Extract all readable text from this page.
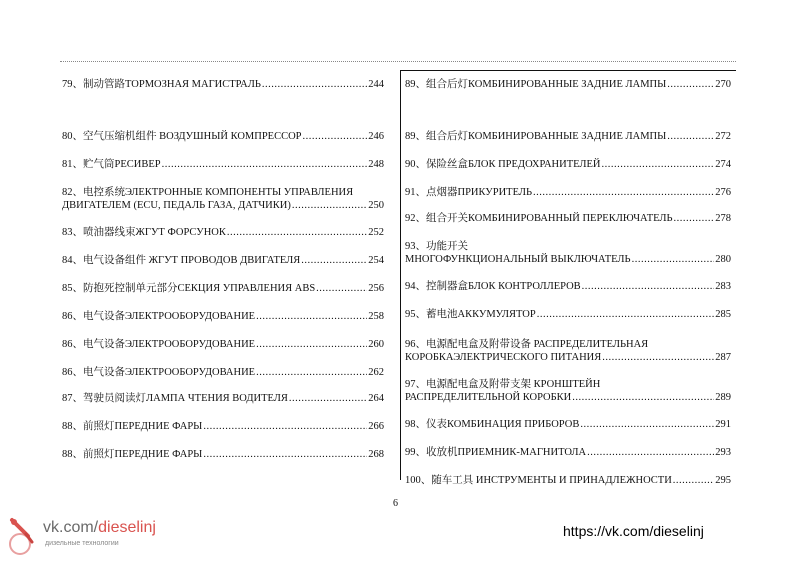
79、制动管路ТОРМОЗНАЯ МАГИСТРАЛЬ .....	244
80、空气压缩机组件 ВОЗДУШНЫЙ КОМПРЕССОР .....	246
81、贮气筒РЕСИВЕР .....	248
82、电控系统ЭЛЕКТРОННЫЕ КОМПОНЕНТЫ УПРАВЛЕНИЯ
ДВИГАТЕЛЕМ (ECU, ПЕДАЛЬ ГАЗА, ДАТЧИКИ) .....	250
83、喷油器线束ЖГУТ ФОРСУНОК .....	252
84、电气设备组件 ЖГУТ ПРОВОДОВ ДВИГАТЕЛЯ .....	254
85、防抱死控制单元部分СЕКЦИЯ УПРАВЛЕНИЯ ABS .....	256
86、电气设备ЭЛЕКТРООБОРУДОВАНИЕ .....	258
86、电气设备ЭЛЕКТРООБОРУДОВАНИЕ .....	260
86、电气设备ЭЛЕКТРООБОРУДОВАНИЕ .....	262
87、驾驶员阅读灯ЛАМПА ЧТЕНИЯ ВОДИТЕЛЯ .....	264
88、前照灯ПЕРЕДНИЕ ФАРЫ .....	266
88、前照灯ПЕРЕДНИЕ ФАРЫ .....	268
89、组合后灯КОМБИНИРОВАННЫЕ ЗАДНИЕ ЛАМПЫ .....	270
89、组合后灯КОМБИНИРОВАННЫЕ ЗАДНИЕ ЛАМПЫ .....	272
90、保险丝盒БЛОК ПРЕДОХРАНИТЕЛЕЙ .....	274
91、点烟器ПРИКУРИТЕЛЬ .....	276
92、组合开关КОМБИНИРОВАННЫЙ ПЕРЕКЛЮЧАТЕЛЬ .....	278
93、功能开关
МНОГОФУНКЦИОНАЛЬНЫЙ ВЫКЛЮЧАТЕЛЬ .....	280
94、控制器盒БЛОК КОНТРОЛЛЕРОВ .....	283
95、蓄电池АККУМУЛЯТОР .....	285
96、电源配电盒及附带设备 РАСПРЕДЕЛИТЕЛЬНАЯ
КОРОБКАЭЛЕКТРИЧЕСКОГО ПИТАНИЯ .....	287
97、电源配电盒及附带支架 КРОНШТЕЙН
РАСПРЕДЕЛИТЕЛЬНОЙ КОРОБКИ .....	289
98、仪表КОМБИНАЦИЯ ПРИБОРОВ .....	291
99、收放机ПРИЕМНИК-МАГНИТОЛА .....	293
100、随车工具 ИНСТРУМЕНТЫ И ПРИНАДЛЕЖНОСТИ .....	295
6
vk.com/dieselinj
дизельные технологии
https://vk.com/dieselinj
